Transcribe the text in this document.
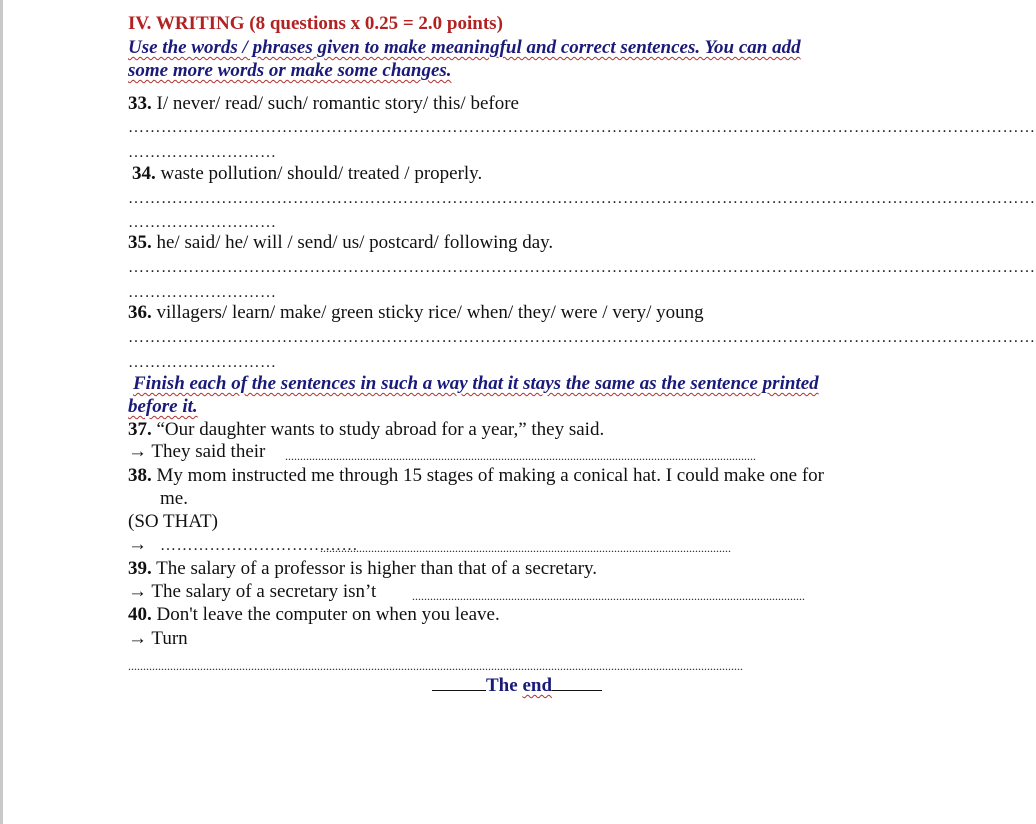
IV. WRITING (8 questions x 0.25 = 2.0 points)
Use the words / phrases given to make meaningful and correct sentences. You can add
some more words or make some changes.
33. I/ never/ read/ such/ romantic story/ this/ before
…………………………………………………………………………………………………………………………………………………
………………………
34. waste pollution/ should/ treated / properly.
…………………………………………………………………………………………………………………………………………………
………………………
35. he/ said/ he/ will / send/ us/ postcard/ following day.
…………………………………………………………………………………………………………………………………………………
………………………
36. villagers/ learn/ make/ green sticky rice/ when/ they/ were / very/ young
…………………………………………………………………………………………………………………………………………………
………………………
Finish each of the sentences in such a way that it stays the same as the sentence printed
before it.
37. “Our daughter wants to study abroad for a year,” they said.
→ They said their .............................................................................................................................................................
38. My mom instructed me through 15 stages of making a conical hat. I could make one for
me.
(SO THAT)
→ ………………………………
.........................................................................................................................................
39. The salary of a professor is higher than that of a secretary.
→ The salary of a secretary isn’t	...................................................................................................................................
40. Don't leave the computer on when you leave.
→ Turn
.............................................................................................................................................................................................................
The end
